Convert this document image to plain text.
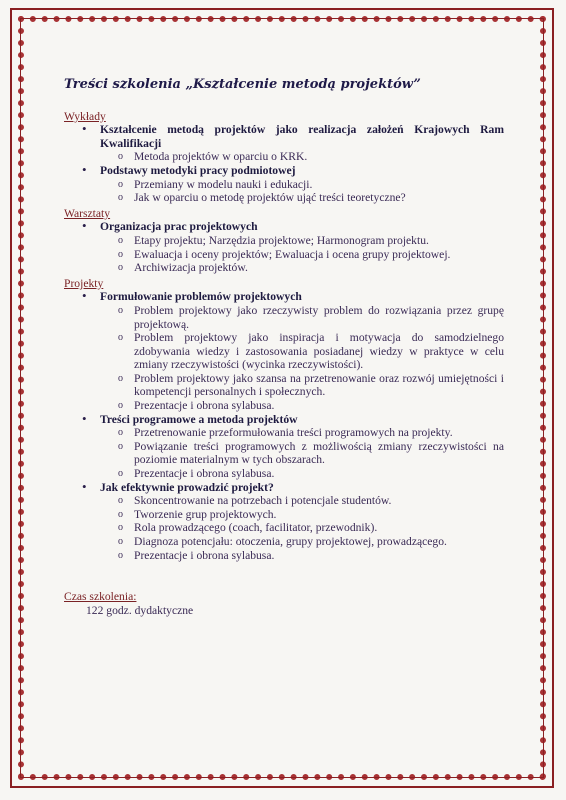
Treści szkolenia „Kształcenie metodą projektów”
Wykłady
• Kształcenie metodą projektów jako realizacja założeń Krajowych Ram Kwalifikacji
o Metoda projektów w oparciu o KRK.
• Podstawy metodyki pracy podmiotowej
o Przemiany w modelu nauki i edukacji.
o Jak w oparciu o metodę projektów ująć treści teoretyczne?
Warsztaty
• Organizacja prac projektowych
o Etapy projektu; Narzędzia projektowe; Harmonogram projektu.
o Ewaluacja i oceny projektów; Ewaluacja i ocena grupy projektowej.
o Archiwizacja projektów.
Projekty
• Formułowanie problemów projektowych
o Problem projektowy jako rzeczywisty problem do rozwiązania przez grupę projektową.
o Problem projektowy jako inspiracja i motywacja do samodzielnego zdobywania wiedzy i zastosowania posiadanej wiedzy w praktyce w celu zmiany rzeczywistości (wycinka rzeczywistości).
o Problem projektowy jako szansa na przetrenowanie oraz rozwój umiejętności i kompetencji personalnych i społecznych.
o Prezentacje i obrona sylabusa.
• Treści programowe a metoda projektów
o Przetrenowanie przeformułowania treści programowych na projekty.
o Powiązanie treści programowych z możliwością zmiany rzeczywistości na poziomie materialnym w tych obszarach.
o Prezentacje i obrona sylabusa.
• Jak efektywnie prowadzić projekt?
o Skoncentrowanie na potrzebach i potencjale studentów.
o Tworzenie grup projektowych.
o Rola prowadzącego (coach, facilitator, przewodnik).
o Diagnoza potencjału: otoczenia, grupy projektowej, prowadzącego.
o Prezentacje i obrona sylabusa.
Czas szkolenia:
122 godz. dydaktyczne
